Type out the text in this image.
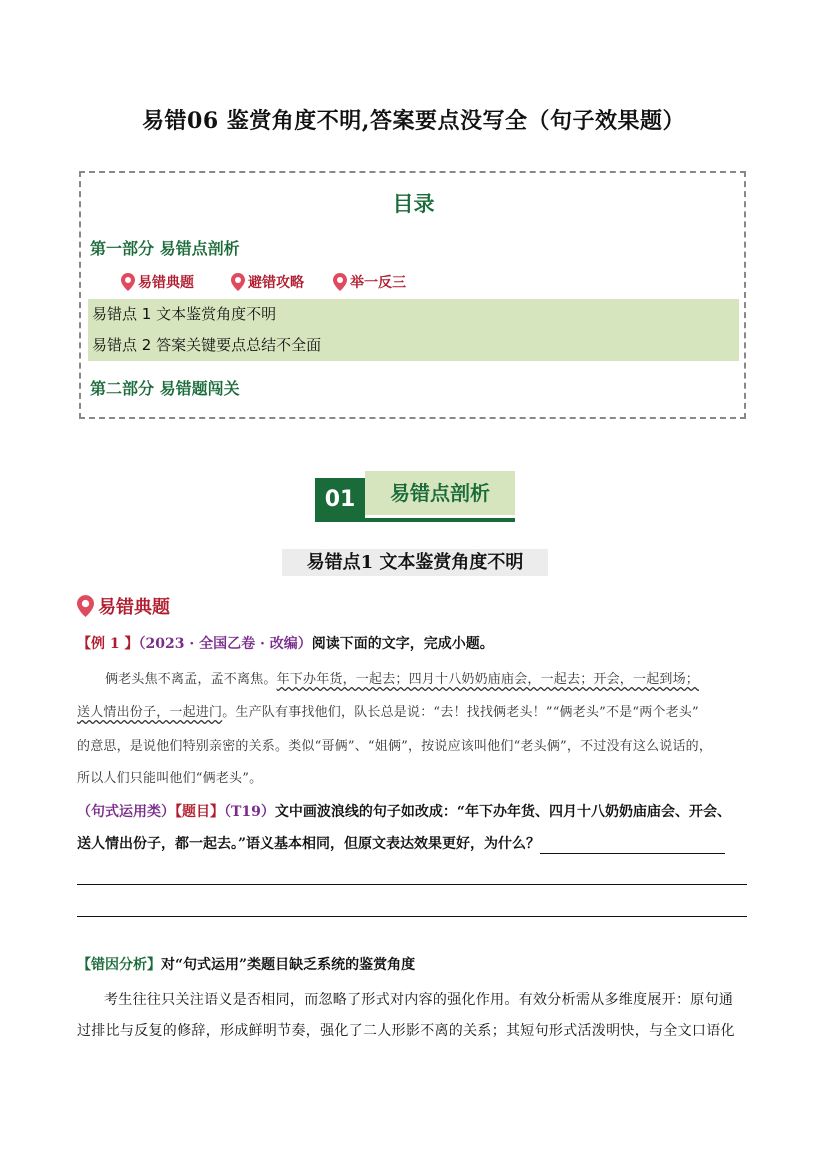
易错06 鉴赏角度不明,答案要点没写全（句子效果题）
目录
第一部分 易错点剖析
易错典题	避错攻略	举一反三
易错点 1 文本鉴赏角度不明
易错点 2 答案关键要点总结不全面
第二部分 易错题闯关
易错点剖析
01
易错点1 文本鉴赏角度不明
易错典题
【例 1 】（2023 · 全国乙卷 · 改编）阅读下面的文字，完成小题。
俩老头焦不离孟，孟不离焦。年下办年货，一起去；四月十八奶奶庙庙会，一起去；开会，一起到场；
送人情出份子，一起进门。生产队有事找他们，队长总是说：“去！找找俩老头！”“俩老头”不是“两个老头”
的意思，是说他们特别亲密的关系。类似“哥俩”、“姐俩”，按说应该叫他们“老头俩”，不过没有这么说话的，
所以人们只能叫他们“俩老头”。
（句式运用类）【题目】（T19）文中画波浪线的句子如改成：“年下办年货、四月十八奶奶庙庙会、开会、
送人情出份子，都一起去。”语义基本相同，但原文表达效果更好，为什么？
【错因分析】对“句式运用”类题目缺乏系统的鉴赏角度
考生往往只关注语义是否相同，而忽略了形式对内容的强化作用。有效分析需从多维度展开：原句通
过排比与反复的修辞，形成鲜明节奏，强化了二人形影不离的关系；其短句形式活泼明快，与全文口语化
